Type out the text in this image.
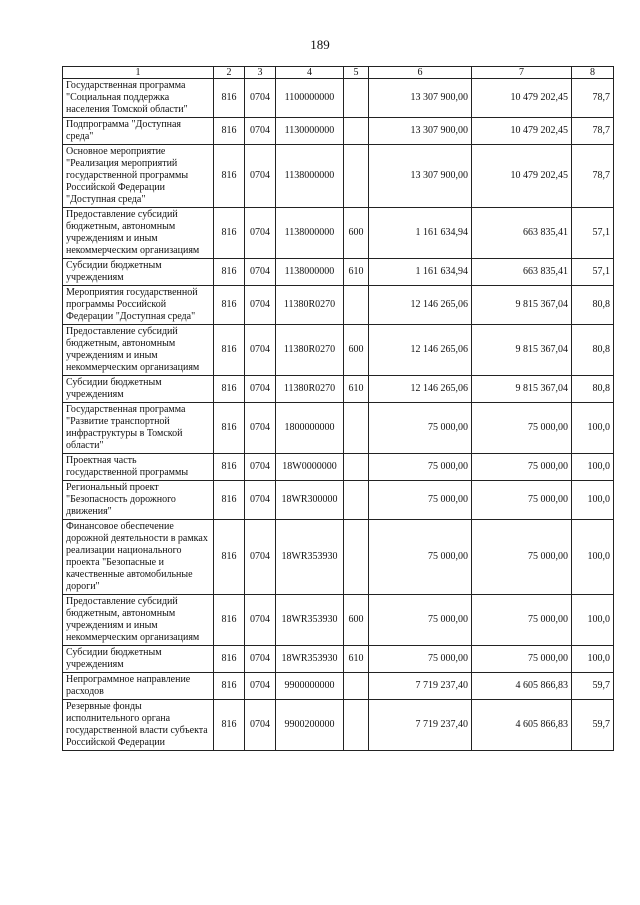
189
1	2	3	4	5	6	7	8
Государственная программа "Социальная поддержка населения Томской области"	816	0704	1100000000		13 307 900,00	10 479 202,45	78,7
Подпрограмма "Доступная среда"	816	0704	1130000000		13 307 900,00	10 479 202,45	78,7
Основное мероприятие "Реализация мероприятий государственной программы Российской Федерации "Доступная среда"	816	0704	1138000000		13 307 900,00	10 479 202,45	78,7
Предоставление субсидий бюджетным, автономным учреждениям и иным некоммерческим организациям	816	0704	1138000000	600	1 161 634,94	663 835,41	57,1
Субсидии бюджетным учреждениям	816	0704	1138000000	610	1 161 634,94	663 835,41	57,1
Мероприятия государственной программы Российской Федерации "Доступная среда"	816	0704	11380R0270		12 146 265,06	9 815 367,04	80,8
Предоставление субсидий бюджетным, автономным учреждениям и иным некоммерческим организациям	816	0704	11380R0270	600	12 146 265,06	9 815 367,04	80,8
Субсидии бюджетным учреждениям	816	0704	11380R0270	610	12 146 265,06	9 815 367,04	80,8
Государственная программа "Развитие транспортной инфраструктуры в Томской области"	816	0704	1800000000		75 000,00	75 000,00	100,0
Проектная часть государственной программы	816	0704	18W0000000		75 000,00	75 000,00	100,0
Региональный проект "Безопасность дорожного движения"	816	0704	18WR300000		75 000,00	75 000,00	100,0
Финансовое обеспечение дорожной деятельности в рамках реализации национального проекта "Безопасные и качественные автомобильные дороги"	816	0704	18WR353930		75 000,00	75 000,00	100,0
Предоставление субсидий бюджетным, автономным учреждениям и иным некоммерческим организациям	816	0704	18WR353930	600	75 000,00	75 000,00	100,0
Субсидии бюджетным учреждениям	816	0704	18WR353930	610	75 000,00	75 000,00	100,0
Непрограммное направление расходов	816	0704	9900000000		7 719 237,40	4 605 866,83	59,7
Резервные фонды исполнительного органа государственной власти субъекта Российской Федерации	816	0704	9900200000		7 719 237,40	4 605 866,83	59,7
